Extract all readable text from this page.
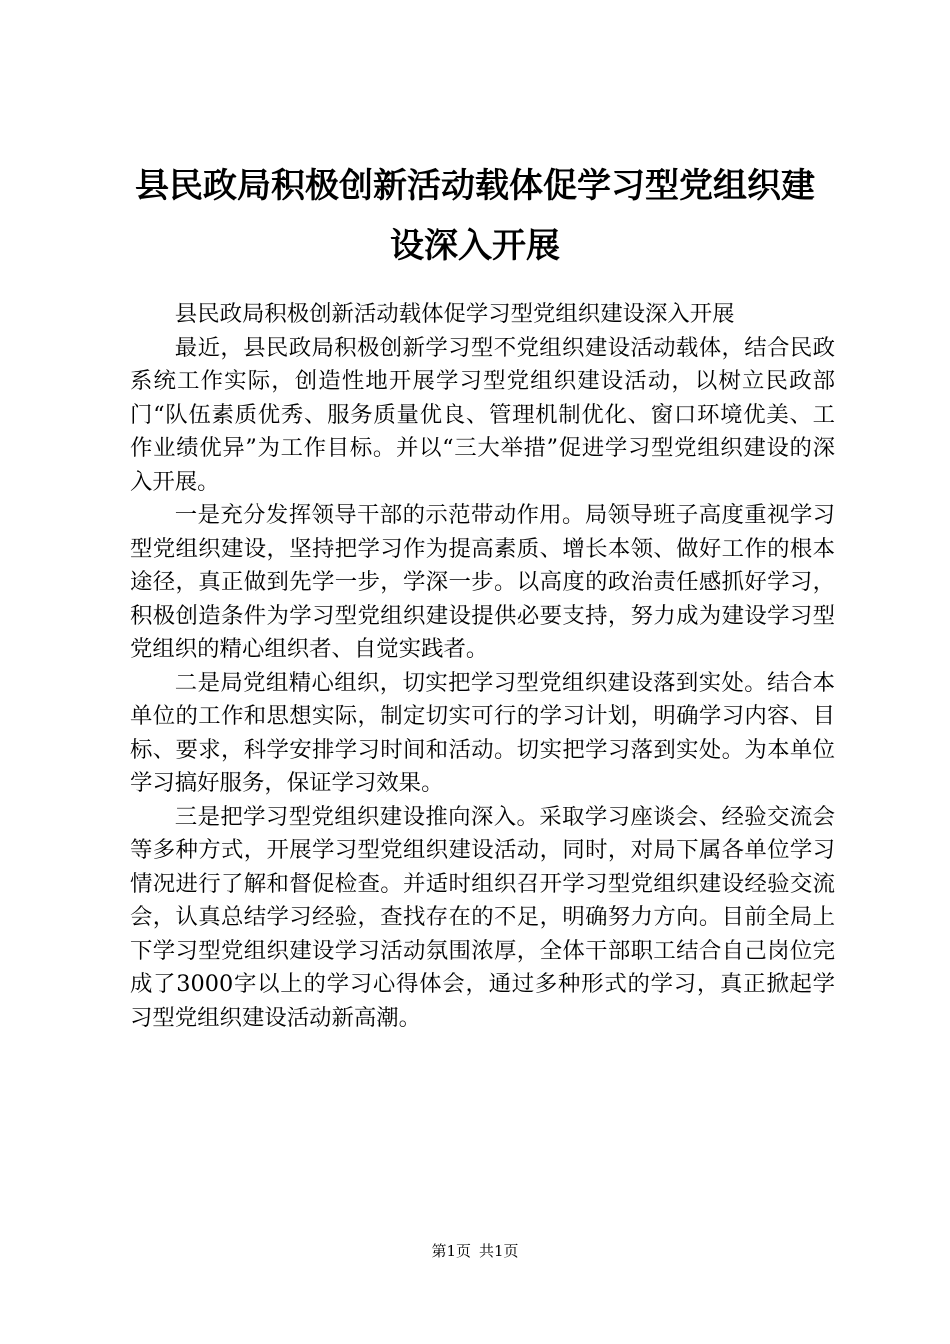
县民政局积极创新活动载体促学习型党组织建
设深入开展

县民政局积极创新活动载体促学习型党组织建设深入开展

最近，县民政局积极创新学习型不党组织建设活动载体，结合民政系统工作实际，创造性地开展学习型党组织建设活动，以树立民政部门“队伍素质优秀、服务质量优良、管理机制优化、窗口环境优美、工作业绩优异”为工作目标。并以“三大举措”促进学习型党组织建设的深入开展。

一是充分发挥领导干部的示范带动作用。局领导班子高度重视学习型党组织建设，坚持把学习作为提高素质、增长本领、做好工作的根本途径，真正做到先学一步，学深一步。以高度的政治责任感抓好学习，积极创造条件为学习型党组织建设提供必要支持，努力成为建设学习型党组织的精心组织者、自觉实践者。

二是局党组精心组织，切实把学习型党组织建设落到实处。结合本单位的工作和思想实际，制定切实可行的学习计划，明确学习内容、目标、要求，科学安排学习时间和活动。切实把学习落到实处。为本单位学习搞好服务，保证学习效果。

三是把学习型党组织建设推向深入。采取学习座谈会、经验交流会等多种方式，开展学习型党组织建设活动，同时，对局下属各单位学习情况进行了解和督促检查。并适时组织召开学习型党组织建设经验交流会，认真总结学习经验，查找存在的不足，明确努力方向。目前全局上下学习型党组织建设学习活动氛围浓厚，全体干部职工结合自己岗位完成了3000字以上的学习心得体会，通过多种形式的学习，真正掀起学习型党组织建设活动新高潮。

第1页 共1页
